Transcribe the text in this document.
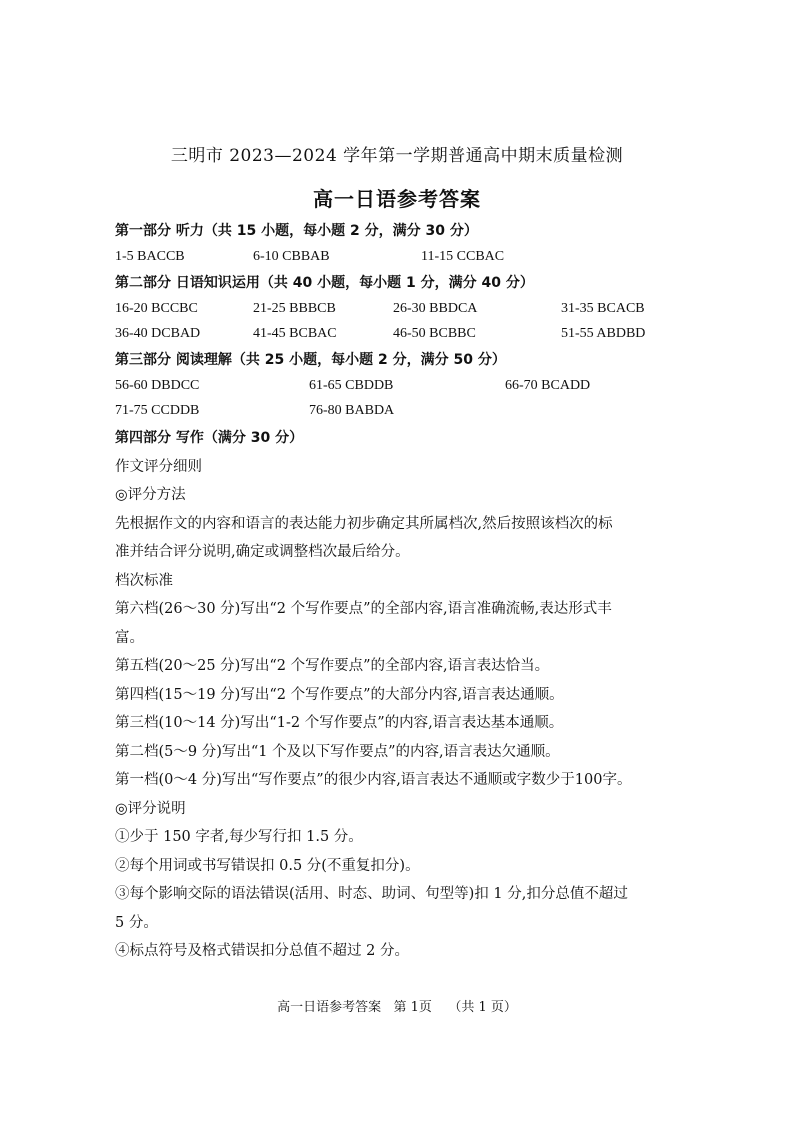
三明市 2023—2024 学年第一学期普通高中期末质量检测
高一日语参考答案
第一部分 听力（共 15 小题，每小题 2 分，满分 30 分）
1-5 BACCB	6-10 CBBAB	11-15 CCBAC
第二部分 日语知识运用（共 40 小题，每小题 1 分，满分 40 分）
16-20 BCCBC	21-25 BBBCB	26-30 BBDCA	31-35 BCACB
36-40 DCBAD	41-45 BCBAC	46-50 BCBBC	51-55 ABDBD
第三部分 阅读理解（共 25 小题，每小题 2 分，满分 50 分）
56-60 DBDCC	61-65 CBDDB	66-70 BCADD
71-75 CCDDB	76-80 BABDA
第四部分 写作（满分 30 分）
作文评分细则
◎评分方法
先根据作文的内容和语言的表达能力初步确定其所属档次,然后按照该档次的标
准并结合评分说明,确定或调整档次最后给分。
档次标准
第六档(26～30 分)写出“2 个写作要点”的全部内容,语言准确流畅,表达形式丰
富。
第五档(20～25 分)写出“2 个写作要点”的全部内容,语言表达恰当。
第四档(15～19 分)写出“2 个写作要点”的大部分内容,语言表达通顺。
第三档(10～14 分)写出“1-2 个写作要点”的内容,语言表达基本通顺。
第二档(5～9 分)写出“1 个及以下写作要点”的内容,语言表达欠通顺。
第一档(0～4 分)写出“写作要点”的很少内容,语言表达不通顺或字数少于100字。
◎评分说明
①少于 150 字者,每少写行扣 1.5 分。
②每个用词或书写错误扣 0.5 分(不重复扣分)。
③每个影响交际的语法错误(活用、时态、助词、句型等)扣 1 分,扣分总值不超过
5 分。
④标点符号及格式错误扣分总值不超过 2 分。
高一日语参考答案   第 1页    （共 1 页）
